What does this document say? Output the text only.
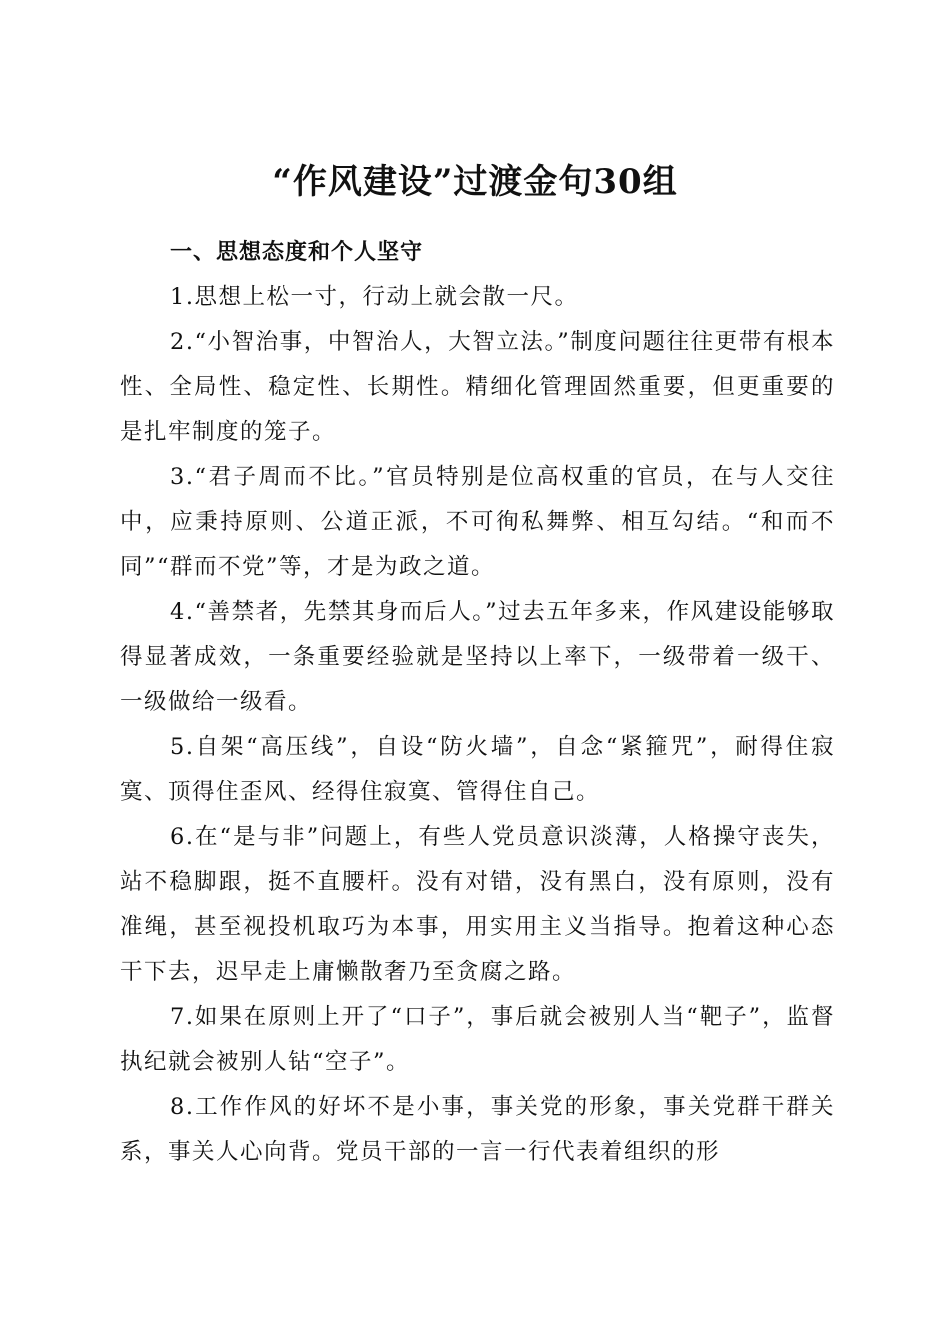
“作风建设”过渡金句30组

一、思想态度和个人坚守

1.思想上松一寸，行动上就会散一尺。

2.“小智治事，中智治人，大智立法。”制度问题往往更带有根本性、全局性、稳定性、长期性。精细化管理固然重要，但更重要的是扎牢制度的笼子。

3.“君子周而不比。”官员特别是位高权重的官员，在与人交往中，应秉持原则、公道正派，不可徇私舞弊、相互勾结。“和而不同”“群而不党”等，才是为政之道。

4.“善禁者，先禁其身而后人。”过去五年多来，作风建设能够取得显著成效，一条重要经验就是坚持以上率下，一级带着一级干、一级做给一级看。

5.自架“高压线”，自设“防火墙”，自念“紧箍咒”，耐得住寂寞、顶得住歪风、经得住寂寞、管得住自己。

6.在“是与非”问题上，有些人党员意识淡薄，人格操守丧失，站不稳脚跟，挺不直腰杆。没有对错，没有黑白，没有原则，没有准绳，甚至视投机取巧为本事，用实用主义当指导。抱着这种心态干下去，迟早走上庸懒散奢乃至贪腐之路。

7.如果在原则上开了“口子”，事后就会被别人当“靶子”，监督执纪就会被别人钻“空子”。

8.工作作风的好坏不是小事，事关党的形象，事关党群干群关系，事关人心向背。党员干部的一言一行代表着组织的形
